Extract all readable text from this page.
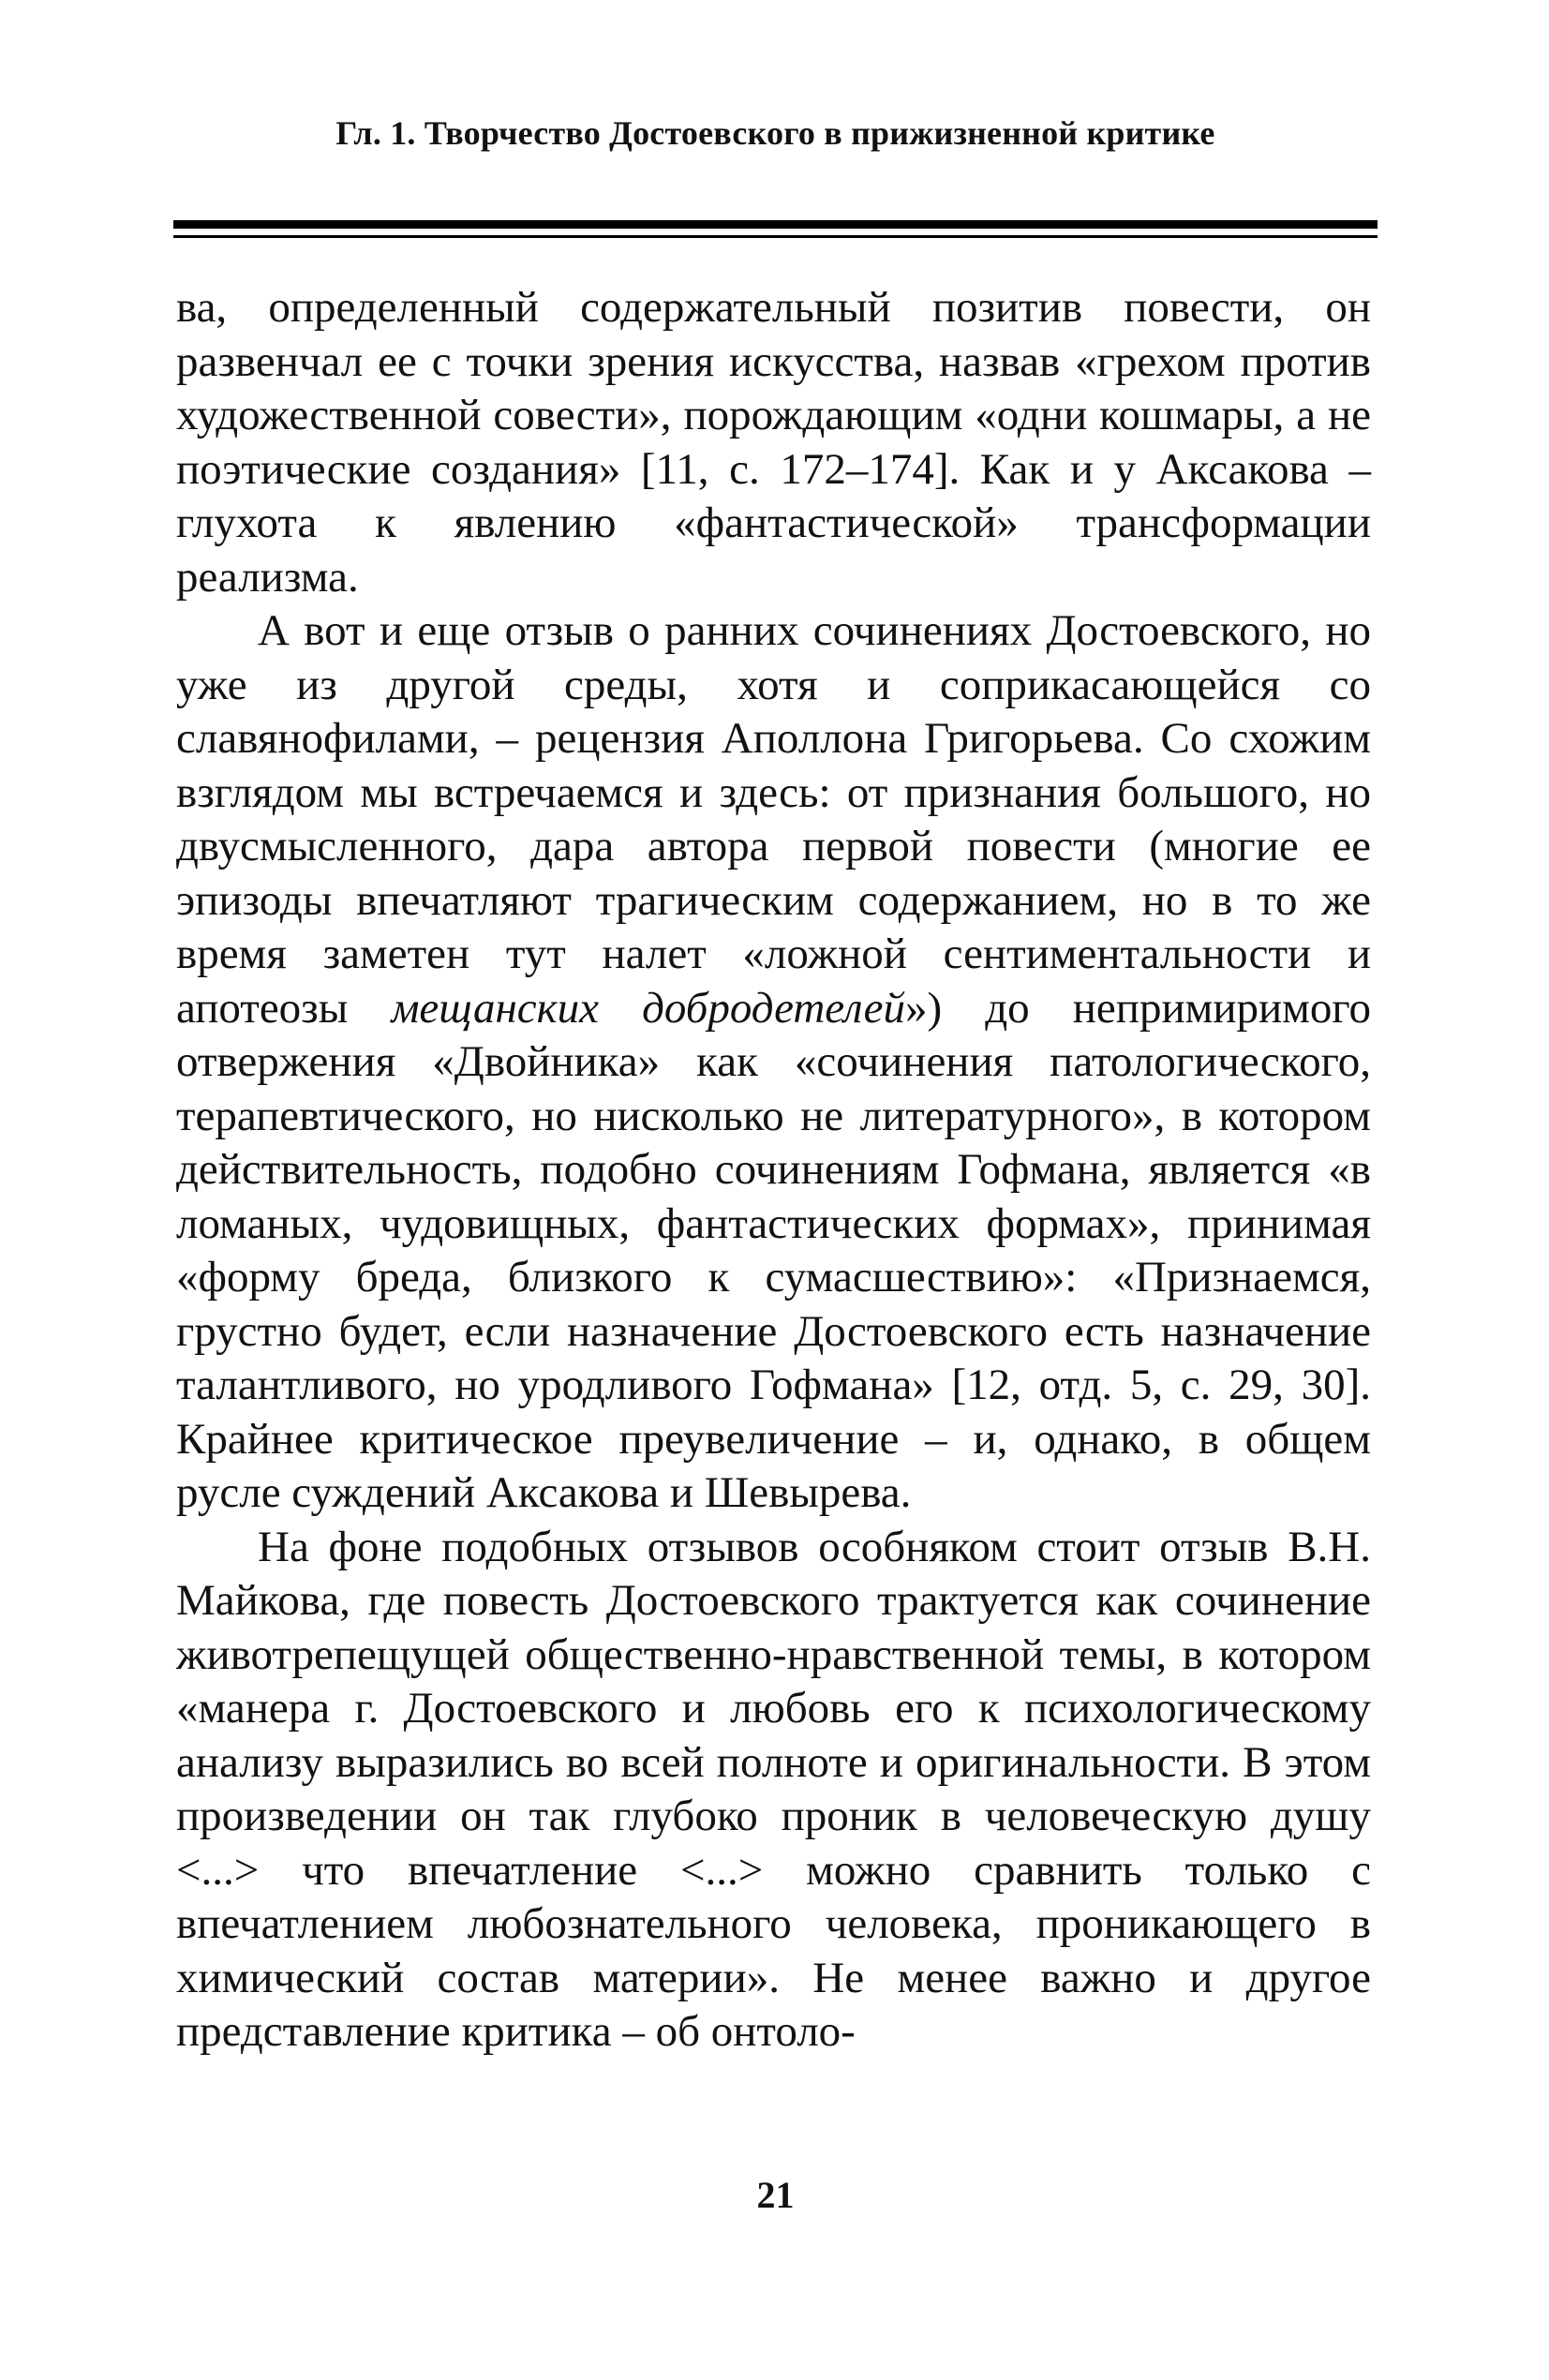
Гл. 1. Творчество Достоевского в прижизненной критике

ва, определенный содержательный позитив повести, он развенчал ее с точки зрения искусства, назвав «грехом против художественной совести», порождающим «одни кошмары, а не поэтические создания» [11, с. 172–174]. Как и у Аксакова – глухота к явлению «фантастической» трансформации реализма.

А вот и еще отзыв о ранних сочинениях Достоевского, но уже из другой среды, хотя и соприкасающейся со славянофилами, – рецензия Аполлона Григорьева. Со схожим взглядом мы встречаемся и здесь: от признания большого, но двусмысленного, дара автора первой повести (многие ее эпизоды впечатляют трагическим содержанием, но в то же время заметен тут налет «ложной сентиментальности и апотеозы мещанских добродетелей») до непримиримого отвержения «Двойника» как «сочинения патологического, терапевтического, но нисколько не литературного», в котором действительность, подобно сочинениям Гофмана, является «в ломаных, чудовищных, фантастических формах», принимая «форму бреда, близкого к сумасшествию»: «Признаемся, грустно будет, если назначение Достоевского есть назначение талантливого, но уродливого Гофмана» [12, отд. 5, с. 29, 30]. Крайнее критическое преувеличение – и, однако, в общем русле суждений Аксакова и Шевырева.

На фоне подобных отзывов особняком стоит отзыв В.Н. Майкова, где повесть Достоевского трактуется как сочинение животрепещущей общественно-нравственной темы, в котором «манера г. Достоевского и любовь его к психологическому анализу выразились во всей полноте и оригинальности. В этом произведении он так глубоко проник в человеческую душу <...> что впечатление <...> можно сравнить только с впечатлением любознательного человека, проникающего в химический состав материи». Не менее важно и другое представление критика – об онтоло-

21
